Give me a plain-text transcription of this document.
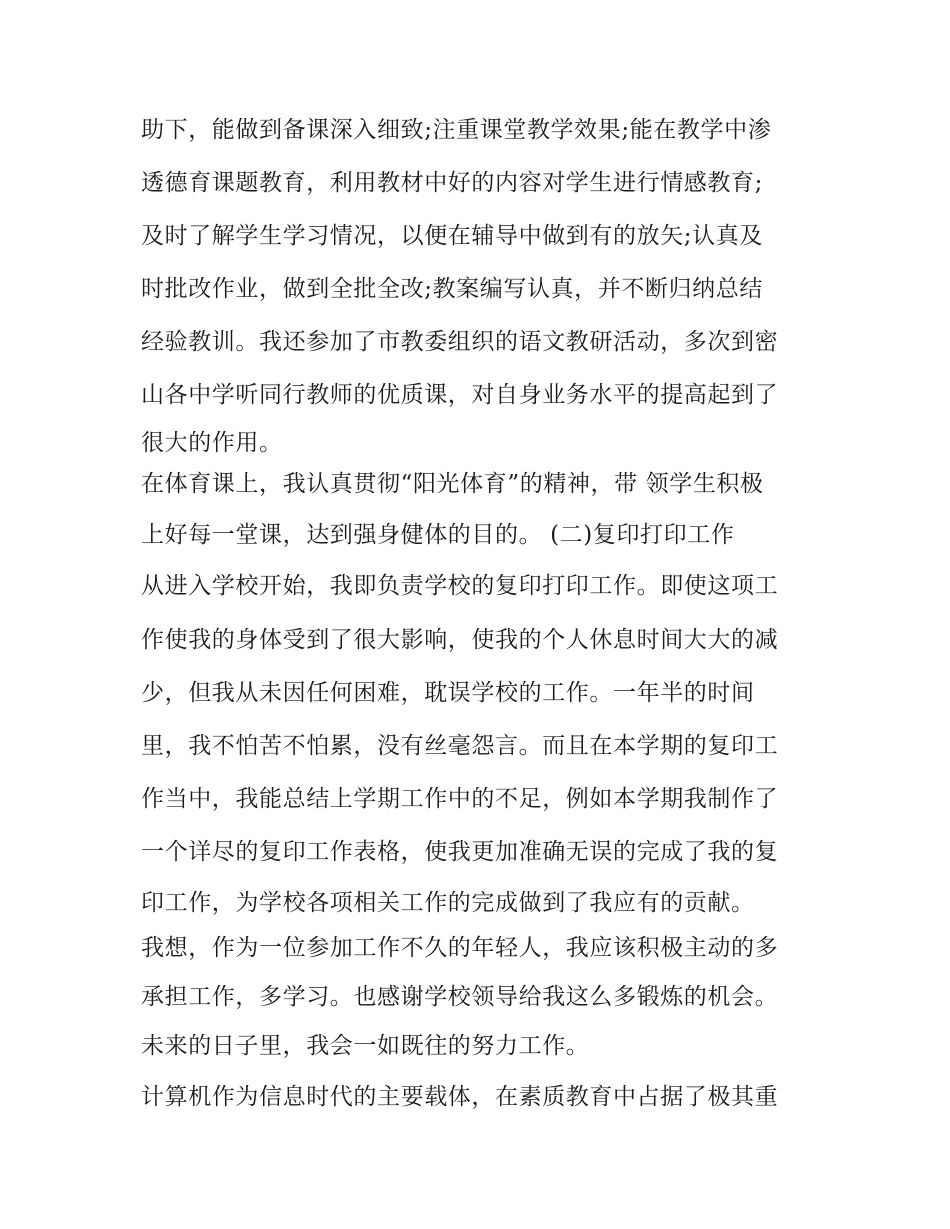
助下，能做到备课深入细致;注重课堂教学效果;能在教学中渗
透德育课题教育，利用教材中好的内容对学生进行情感教育;
及时了解学生学习情况，以便在辅导中做到有的放矢;认真及
时批改作业，做到全批全改;教案编写认真，并不断归纳总结
经验教训。我还参加了市教委组织的语文教研活动，多次到密
山各中学听同行教师的优质课，对自身业务水平的提高起到了
很大的作用。
在体育课上，我认真贯彻“阳光体育”的精神，带 领学生积极
上好每一堂课，达到强身健体的目的。 (二)复印打印工作
从进入学校开始，我即负责学校的复印打印工作。即使这项工
作使我的身体受到了很大影响，使我的个人休息时间大大的减
少，但我从未因任何困难，耽误学校的工作。一年半的时间
里，我不怕苦不怕累，没有丝毫怨言。而且在本学期的复印工
作当中，我能总结上学期工作中的不足，例如本学期我制作了
一个详尽的复印工作表格，使我更加准确无误的完成了我的复
印工作，为学校各项相关工作的完成做到了我应有的贡献。
我想，作为一位参加工作不久的年轻人，我应该积极主动的多
承担工作，多学习。也感谢学校领导给我这么多锻炼的机会。
未来的日子里，我会一如既往的努力工作。
计算机作为信息时代的主要载体，在素质教育中占据了极其重
